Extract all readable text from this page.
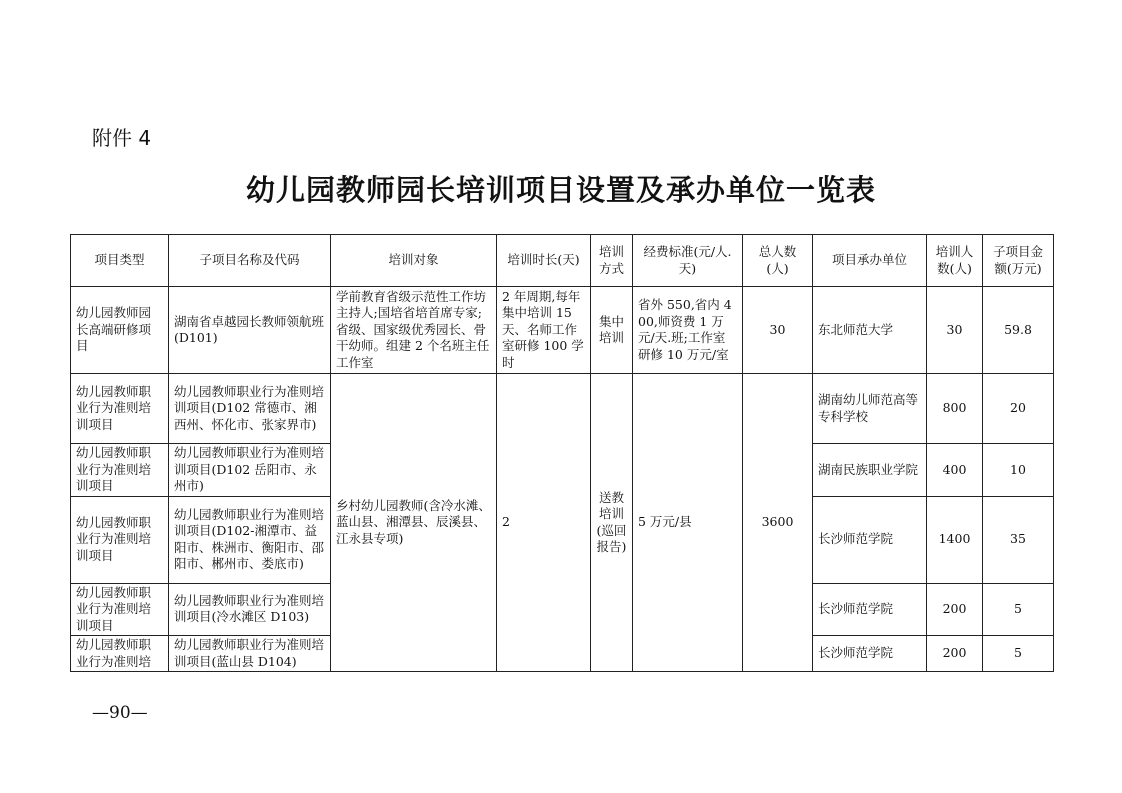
附件 4
幼儿园教师园长培训项目设置及承办单位一览表
项目类型	子项目名称及代码	培训对象	培训时长(天)	培训方式	经费标准(元/人.天)	总人数(人)	项目承办单位	培训人数(人)	子项目金 额(万元)
幼儿园教师园长高端研修项目	湖南省卓越园长教师领航班(D101)	学前教育省级示范性工作坊主持人;国培省培首席专家;省级、国家级优秀园长、骨干幼师。组建 2 个名班主任工作室	2 年周期,每年集中培训 15 天、名师工作室研修 100 学时	集中培训	省外 550,省内 400,师资费 1 万元/天.班;工作室研修 10 万元/室	30	东北师范大学	30	59.8
幼儿园教师职业行为准则培训项目	幼儿园教师职业行为准则培训项目(D102 常德市、湘西州、怀化市、张家界市)	乡村幼儿园教师(含冷水滩、蓝山县、湘潭县、辰溪县、江永县专项)	2	送教培训(巡回报告)	5 万元/县	3600	湖南幼儿师范高等专科学校	800	20
幼儿园教师职业行为准则培训项目	幼儿园教师职业行为准则培训项目(D102 岳阳市、永州市)						湖南民族职业学院	400	10
幼儿园教师职业行为准则培训项目	幼儿园教师职业行为准则培训项目(D102-湘潭市、益阳市、株洲市、衡阳市、邵阳市、郴州市、娄底市)						长沙师范学院	1400	35
幼儿园教师职业行为准则培训项目	幼儿园教师职业行为准则培训项目(冷水滩区 D103)						长沙师范学院	200	5
幼儿园教师职业行为准则培	幼儿园教师职业行为准则培训项目(蓝山县 D104)						长沙师范学院	200	5
—90—
